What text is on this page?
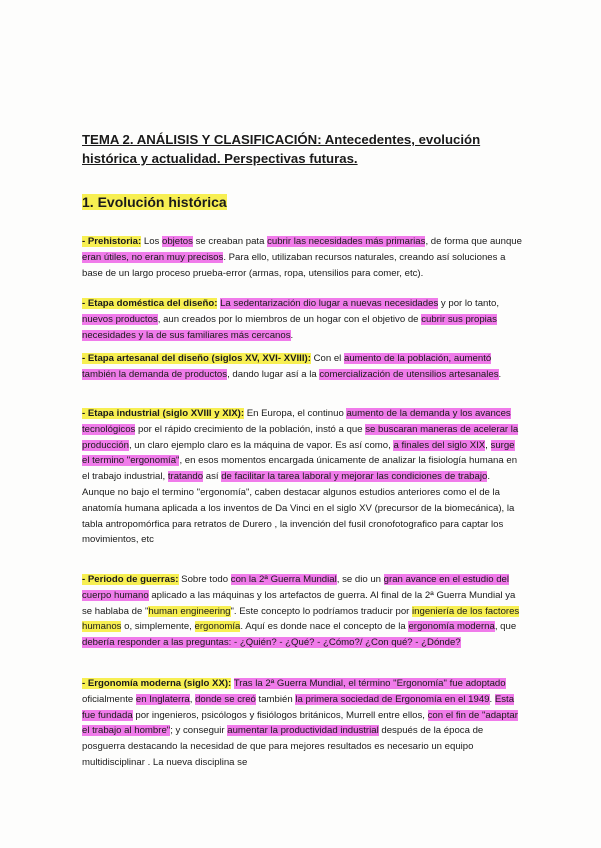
TEMA 2. ANÁLISIS Y CLASIFICACIÓN: Antecedentes, evolución histórica y actualidad. Perspectivas futuras.
1. Evolución histórica

- Prehistoria: Los objetos se creaban pata cubrir las necesidades más primarias, de forma que aunque eran útiles, no eran muy precisos. Para ello, utilizaban recursos naturales, creando así soluciones a base de un largo proceso prueba-error (armas, ropa, utensilios para comer, etc).

- Etapa doméstica del diseño: La sedentarización dio lugar a nuevas necesidades y por lo tanto, nuevos productos, aun creados por lo miembros de un hogar con el objetivo de cubrir sus propias necesidades y la de sus familiares más cercanos.

- Etapa artesanal del diseño (siglos XV, XVI- XVIII): Con el aumento de la población, aumentó también la demanda de productos, dando lugar así a la comercialización de utensilios artesanales.

- Etapa industrial (siglo XVIII y XIX): En Europa, el continuo aumento de la demanda y los avances tecnológicos por el rápido crecimiento de la población, instó a que se buscaran maneras de acelerar la producción, un claro ejemplo claro es la máquina de vapor. Es así como, a finales del siglo XIX, surge el termino "ergonomía", en esos momentos encargada únicamente de analizar la fisiología humana en el trabajo industrial, tratando así de facilitar la tarea laboral y mejorar las condiciones de trabajo. Aunque no bajo el termino "ergonomía", caben destacar algunos estudios anteriores como el de la anatomía humana aplicada a los inventos de Da Vinci en el siglo XV (precursor de la biomecánica), la tabla antropomórfica para retratos de Durero , la invención del fusil cronofotografico para captar los movimientos, etc

- Periodo de guerras: Sobre todo con la 2ª Guerra Mundial, se dio un gran avance en el estudio del cuerpo humano aplicado a las máquinas y los artefactos de guerra. Al final de la 2ª Guerra Mundial ya se hablaba de "human engineering". Este concepto lo podríamos traducir por ingeniería de los factores humanos o, simplemente, ergonomía. Aquí es donde nace el concepto de la ergonomía moderna, que debería responder a las preguntas: - ¿Quién? - ¿Qué? - ¿Cómo?/ ¿Con qué? - ¿Dónde?

- Ergonomía moderna (siglo XX): Tras la 2ª Guerra Mundial, el término "Ergonomía" fue adoptado oficialmente en Inglaterra, donde se creó también la primera sociedad de Ergonomía en el 1949. Esta fue fundada por ingenieros, psicólogos y fisiólogos británicos, Murrell entre ellos, con el fin de "adaptar el trabajo al hombre"; y conseguir aumentar la productividad industrial después de la época de posguerra destacando la necesidad de que para mejores resultados es necesario un equipo multidisciplinar . La nueva disciplina se
